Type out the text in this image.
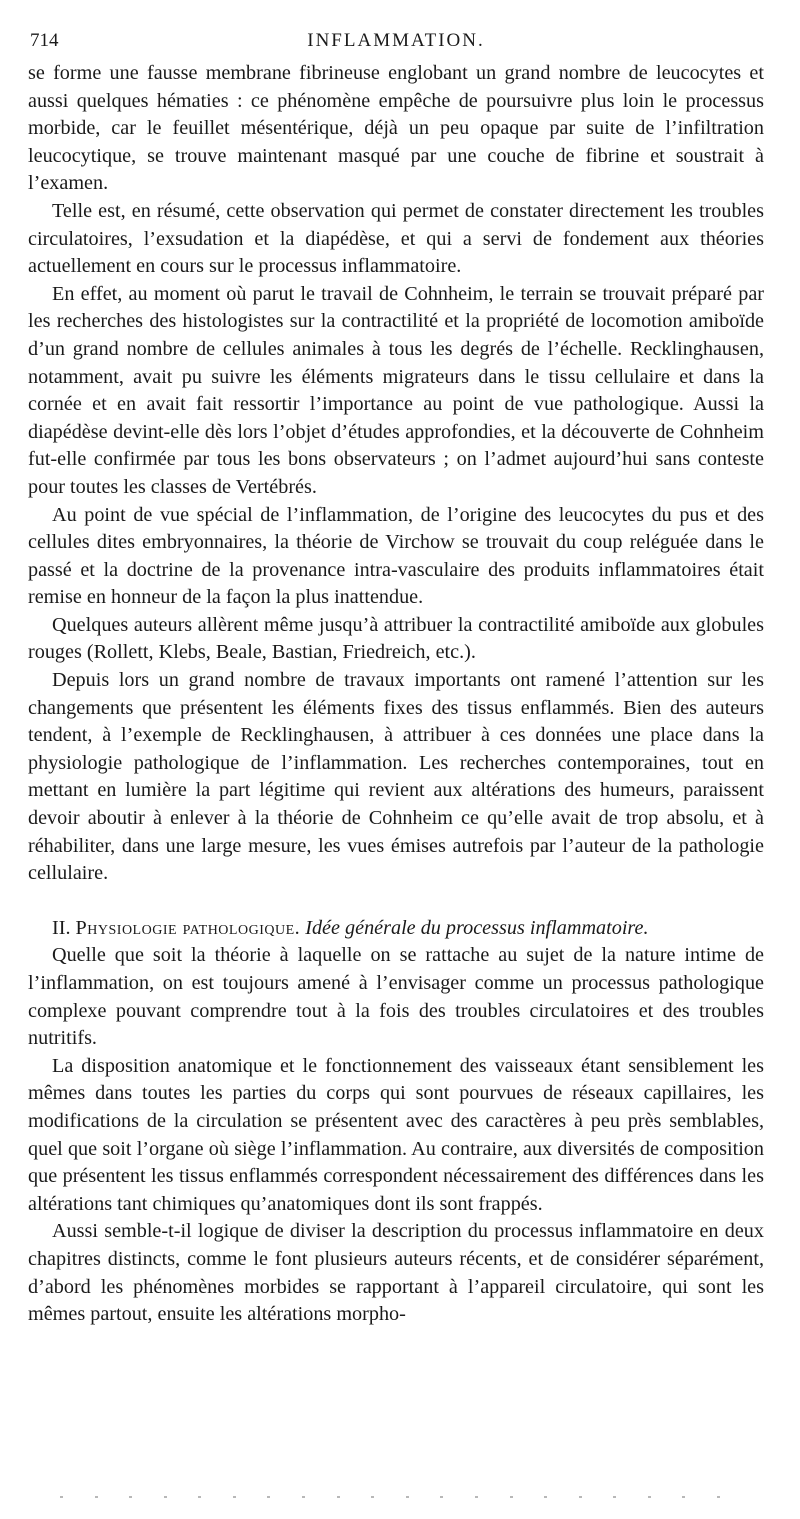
714	INFLAMMATION.

se forme une fausse membrane fibrineuse englobant un grand nombre de leucocytes et aussi quelques hématies : ce phénomène empêche de poursuivre plus loin le processus morbide, car le feuillet mésentérique, déjà un peu opaque par suite de l’infiltration leucocytique, se trouve maintenant masqué par une couche de fibrine et soustrait à l’examen.

Telle est, en résumé, cette observation qui permet de constater directement les troubles circulatoires, l’exsudation et la diapédèse, et qui a servi de fondement aux théories actuellement en cours sur le processus inflammatoire.

En effet, au moment où parut le travail de Cohnheim, le terrain se trouvait préparé par les recherches des histologistes sur la contractilité et la propriété de locomotion amiboïde d’un grand nombre de cellules animales à tous les degrés de l’échelle. Recklinghausen, notamment, avait pu suivre les éléments migrateurs dans le tissu cellulaire et dans la cornée et en avait fait ressortir l’importance au point de vue pathologique. Aussi la diapédèse devint-elle dès lors l’objet d’études approfondies, et la découverte de Cohnheim fut-elle confirmée par tous les bons observateurs ; on l’admet aujourd’hui sans conteste pour toutes les classes de Vertébrés.

Au point de vue spécial de l’inflammation, de l’origine des leucocytes du pus et des cellules dites embryonnaires, la théorie de Virchow se trouvait du coup reléguée dans le passé et la doctrine de la provenance intra-vasculaire des produits inflammatoires était remise en honneur de la façon la plus inattendue.

Quelques auteurs allèrent même jusqu’à attribuer la contractilité amiboïde aux globules rouges (Rollett, Klebs, Beale, Bastian, Friedreich, etc.).

Depuis lors un grand nombre de travaux importants ont ramené l’attention sur les changements que présentent les éléments fixes des tissus enflammés. Bien des auteurs tendent, à l’exemple de Recklinghausen, à attribuer à ces données une place dans la physiologie pathologique de l’inflammation. Les recherches contemporaines, tout en mettant en lumière la part légitime qui revient aux altérations des humeurs, paraissent devoir aboutir à enlever à la théorie de Cohnheim ce qu’elle avait de trop absolu, et à réhabiliter, dans une large mesure, les vues émises autrefois par l’auteur de la pathologie cellulaire.

II. Physiologie pathologique. Idée générale du processus inflammatoire.

Quelle que soit la théorie à laquelle on se rattache au sujet de la nature intime de l’inflammation, on est toujours amené à l’envisager comme un processus pathologique complexe pouvant comprendre tout à la fois des troubles circulatoires et des troubles nutritifs.

La disposition anatomique et le fonctionnement des vaisseaux étant sensiblement les mêmes dans toutes les parties du corps qui sont pourvues de réseaux capillaires, les modifications de la circulation se présentent avec des caractères à peu près semblables, quel que soit l’organe où siège l’inflammation. Au contraire, aux diversités de composition que présentent les tissus enflammés correspondent nécessairement des différences dans les altérations tant chimiques qu’anatomiques dont ils sont frappés.

Aussi semble-t-il logique de diviser la description du processus inflammatoire en deux chapitres distincts, comme le font plusieurs auteurs récents, et de considérer séparément, d’abord les phénomènes morbides se rapportant à l’appareil circulatoire, qui sont les mêmes partout, ensuite les altérations morpho-
